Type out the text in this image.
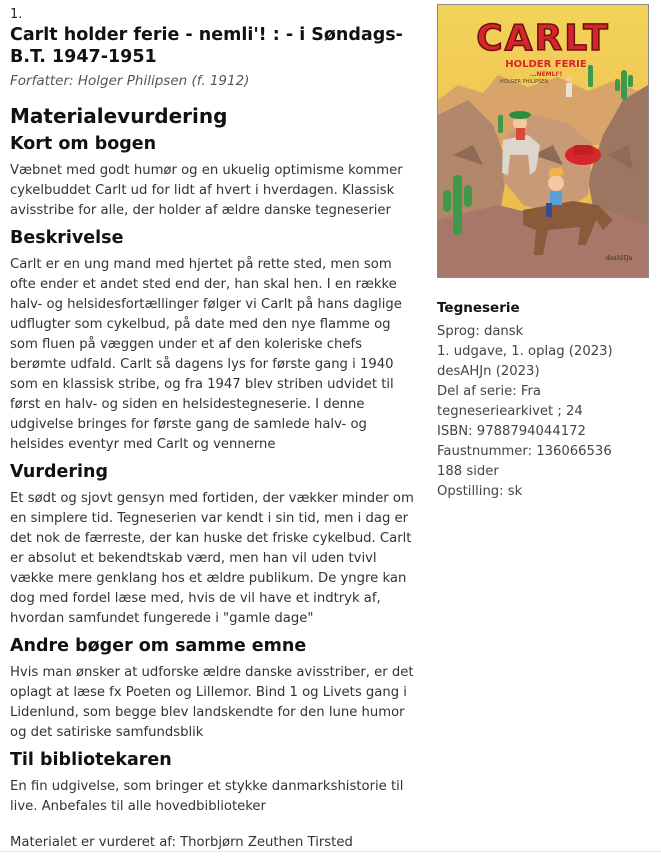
1.

Carlt holder ferie - nemli'! : - i Søndags-B.T. 1947-1951

Forfatter: Holger Philipsen (f. 1912)

Materialevurdering
Kort om bogen

Væbnet med godt humør og en ukuelig optimisme kommer cykelbuddet Carlt ud for lidt af hvert i hverdagen. Klassisk avisstribe for alle, der holder af ældre danske tegneserier

Beskrivelse

Carlt er en ung mand med hjertet på rette sted, men som ofte ender et andet sted end der, han skal hen. I en række halv- og helsidesfortællinger følger vi Carlt på hans daglige udflugter som cykelbud, på date med den nye flamme og som fluen på væggen under et af den koleriske chefs berømte udfald. Carlt så dagens lys for første gang i 1940 som en klassisk stribe, og fra 1947 blev striben udvidet til først en halv- og siden en helsidestegneserie. I denne udgivelse bringes for første gang de samlede halv- og helsides eventyr med Carlt og vennerne

Vurdering

Et sødt og sjovt gensyn med fortiden, der vækker minder om en simplere tid. Tegneserien var kendt i sin tid, men i dag er det nok de færreste, der kan huske det friske cykelbud. Carlt er absolut et bekendtskab værd, men han vil uden tvivl vække mere genklang hos et ældre publikum. De yngre kan dog med fordel læse med, hvis de vil have et indtryk af, hvordan samfundet fungerede i "gamle dage"

Andre bøger om samme emne

Hvis man ønsker at udforske ældre danske avisstriber, er det oplagt at læse fx Poeten og Lillemor. Bind 1 og Livets gang i Lidenlund, som begge blev landskendte for den lune humor og det satiriske samfundsblik

Til bibliotekaren

En fin udgivelse, som bringer et stykke danmarkshistorie til live. Anbefales til alle hovedbiblioteker

Materialet er vurderet af: Thorbjørn Zeuthen Tirsted

CARLT
HOLDER FERIE
...NEMLI'!
HOLGER PHILIPSEN
desAHJn

Tegneserie

Sprog: dansk

1. udgave, 1. oplag (2023)

desAHJn (2023)

Del af serie: Fra tegneseriearkivet ; 24

ISBN: 9788794044172

Faustnummer: 136066536

188 sider

Opstilling: sk
